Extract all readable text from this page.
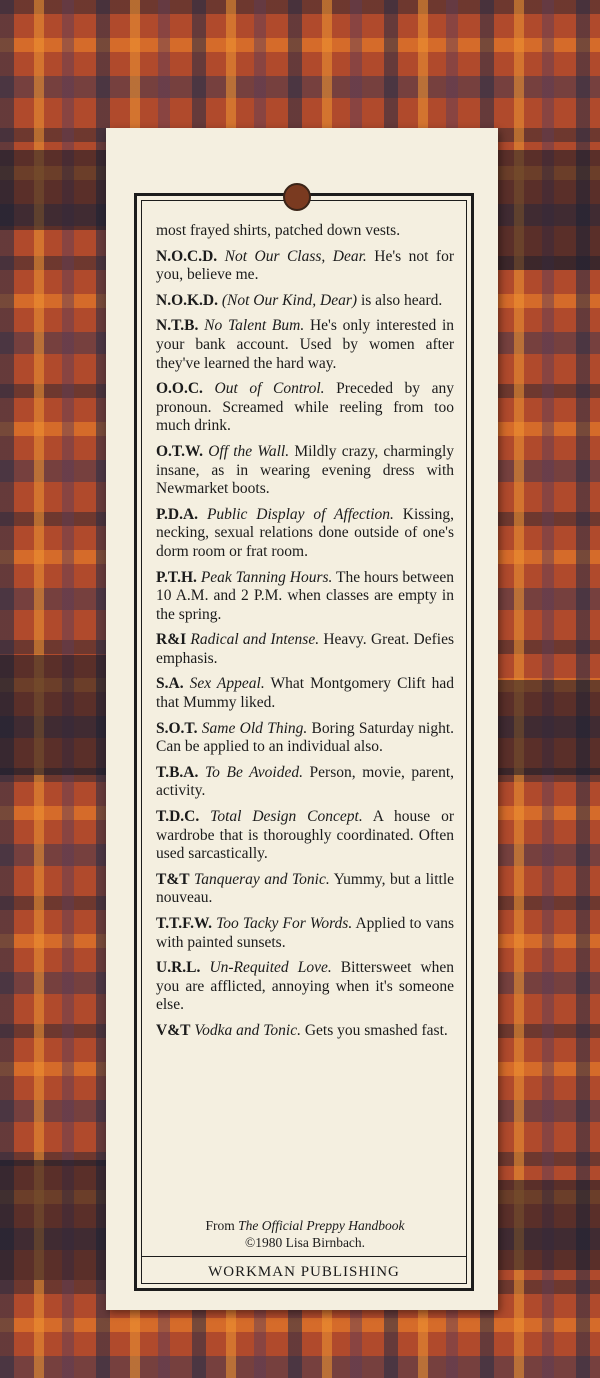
most frayed shirts, patched down vests.

N.O.C.D. Not Our Class, Dear. He's not for you, believe me.

N.O.K.D. (Not Our Kind, Dear) is also heard.

N.T.B. No Talent Bum. He's only interested in your bank account. Used by women after they've learned the hard way.

O.O.C. Out of Control. Preceded by any pronoun. Screamed while reeling from too much drink.

O.T.W. Off the Wall. Mildly crazy, charmingly insane, as in wearing evening dress with Newmarket boots.

P.D.A. Public Display of Affection. Kissing, necking, sexual relations done outside of one's dorm room or frat room.

P.T.H. Peak Tanning Hours. The hours between 10 A.M. and 2 P.M. when classes are empty in the spring.

R&I Radical and Intense. Heavy. Great. Defies emphasis.

S.A. Sex Appeal. What Montgomery Clift had that Mummy liked.

S.O.T. Same Old Thing. Boring Saturday night. Can be applied to an individual also.

T.B.A. To Be Avoided. Person, movie, parent, activity.

T.D.C. Total Design Concept. A house or wardrobe that is thoroughly coordinated. Often used sarcastically.

T&T Tanqueray and Tonic. Yummy, but a little nouveau.

T.T.F.W. Too Tacky For Words. Applied to vans with painted sunsets.

U.R.L. Un-Requited Love. Bittersweet when you are afflicted, annoying when it's someone else.

V&T Vodka and Tonic. Gets you smashed fast.

From The Official Preppy Handbook
©1980 Lisa Birnbach.
WORKMAN PUBLISHING
